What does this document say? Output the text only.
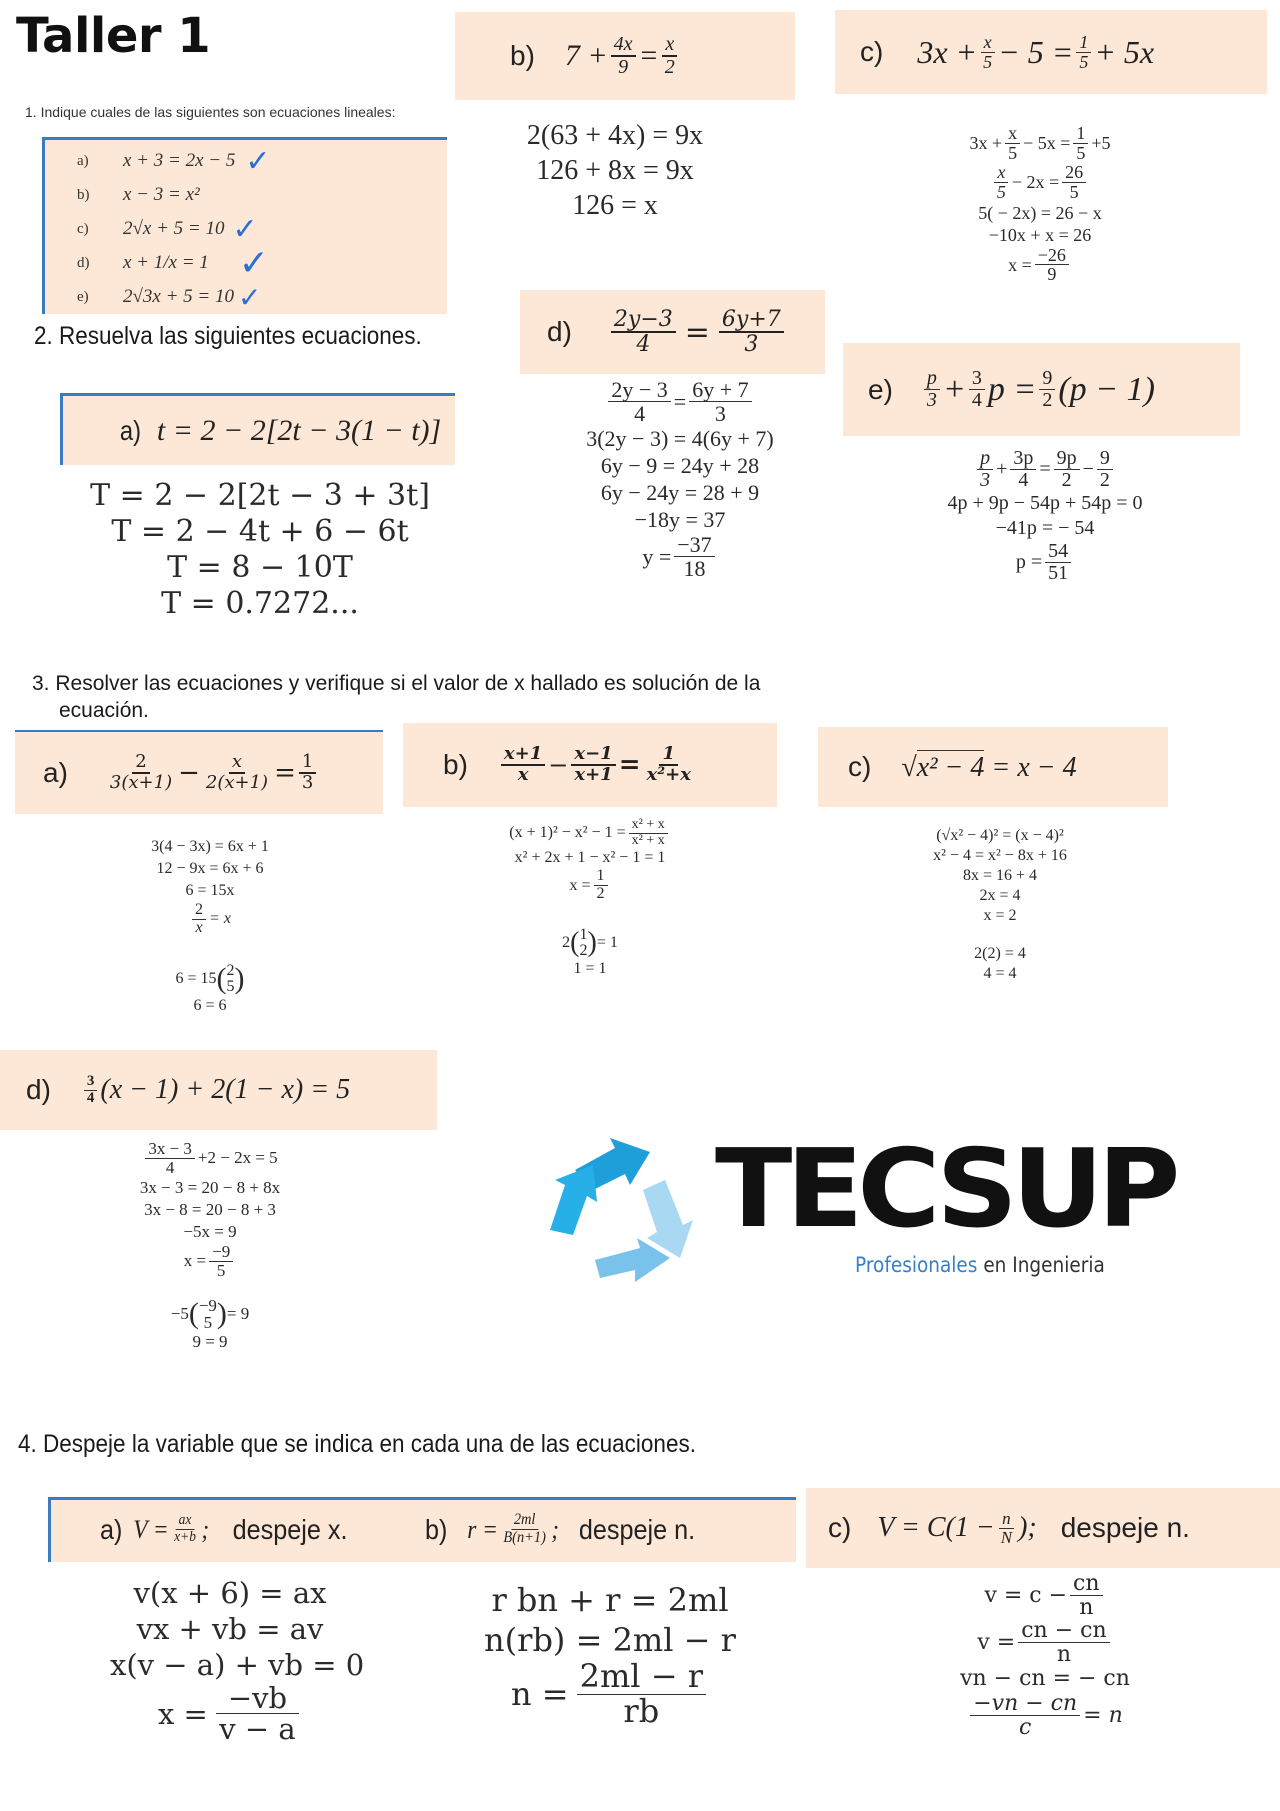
Taller 1
1. Indique cuales de las siguientes son ecuaciones lineales:
a)	x + 3 = 2x − 5 ✓
b)	x − 3 = x²
c)	2√x + 5 = 10 ✓
d)	x + 1/x = 1 ✓
e)	2√3x + 5 = 10 ✓
2. Resuelva las siguientes ecuaciones.
a) t = 2 − 2[2t − 3(1 − t)]
T = 2 − 2[2t − 3 + 3t]
T = 2 − 4t + 6 − 6t
T = 8 − 10T
T = 0.7272...
b) $7 + \frac{4x}{9} = \frac{x}{2}$
2(63 + 4x) = 9x
126 + 8x = 9x
126 = x
c) $3x + \frac{x}{5} - 5 = \frac{1}{5} + 5x$
$3x + \frac{x}{5} - 5x = \frac{1}{5} +5$
$\frac{x}{5} - 2x = \frac{26}{5}$
5( − 2x) = 26 − x
−10x + x = 26
$x = \frac{-26}{9}$
$d) \frac{2y-3}{4} = \frac{6y+7}{3}$
$\frac{2y - 3}{4} = \frac{6y + 7}{3}$
3(2y − 3) = 4(6y + 7)
6y − 9 = 24y + 28
6y − 24y = 28 + 9
−18y = 37
$y = \frac{-37}{18}$
$e) \frac{p}{3} + \frac{3}{4}$ $p = \frac{9}{2} (p - 1)$
$\frac{p}{3} + \frac{3p}{4} = \frac{9p}{2} - \frac{9}{2}$
4p + 9p − 54p + 54p = 0
−41p = − 54
$p = \frac{54}{51}$
3. Resolver las ecuaciones y verifique si el valor de x hallado es solución de la
ecuación.
$a) \frac{2}{3(x+1)} - \frac{x}{2(x+1)} = \frac{1}{3}$
3(4 − 3x) = 6x + 1
12 − 9x = 6x + 6
6 = 15x
$\frac{2}{x} = x$
6 = 15 ( 2
5 )
6 = 6
$b) \frac{x+1}{x} - \frac{x-1}{x+1} = \frac{1}{\text{x²+x}}$
$(x + 1)^2 - x^2 - 1 = \frac{\text{x² + x}}{\text{x² + x}}$
x² + 2x + 1 − x² − 1 = 1
$x = \frac{1}{2}$
2 ( 1
2 ) = 1
1 = 1
c) √x² − 4 = x − 4
(√x² − 4)² = (x − 4)²
x² − 4 = x² − 8x + 16
8x = 16 + 4
2x = 4
x = 2
2(2) = 4
4 = 4
$d) \frac{3}{4} (x - 1) + 2(1 - x) = 5$
$\frac{3x - 3}{4} +2 - 2x = 5$
3x − 3 = 20 − 8 + 8x
3x − 8 = 20 − 8 + 3
−5x = 9
$x = \frac{-9}{5}$
−5 ( −9
5 ) = 9
9 = 9
TECSUP
Profesionales en Ingenieria
4. Despeje la variable que se indica en cada una de las ecuaciones.
a) $V = \frac{ax}{x+b}$ ; despeje x.	b) $r = \frac{2ml}{B(n+1)}$ ; despeje n.	c) $V = C(1 - \frac{n}{N}$ ); despeje n.
v(x + 6) = ax
vx + vb = av
x(v − a) + vb = 0
$x = \frac{-vb}{v - a}$
r bn + r = 2ml
n(rb) = 2ml − r
$n = \frac{2ml - r}{rb}$
$v = c - \frac{cn}{n}$
$v = \frac{cn - cn}{n}$
vn − cn = − cn
$\frac{-vn - cn}{c} = n$
